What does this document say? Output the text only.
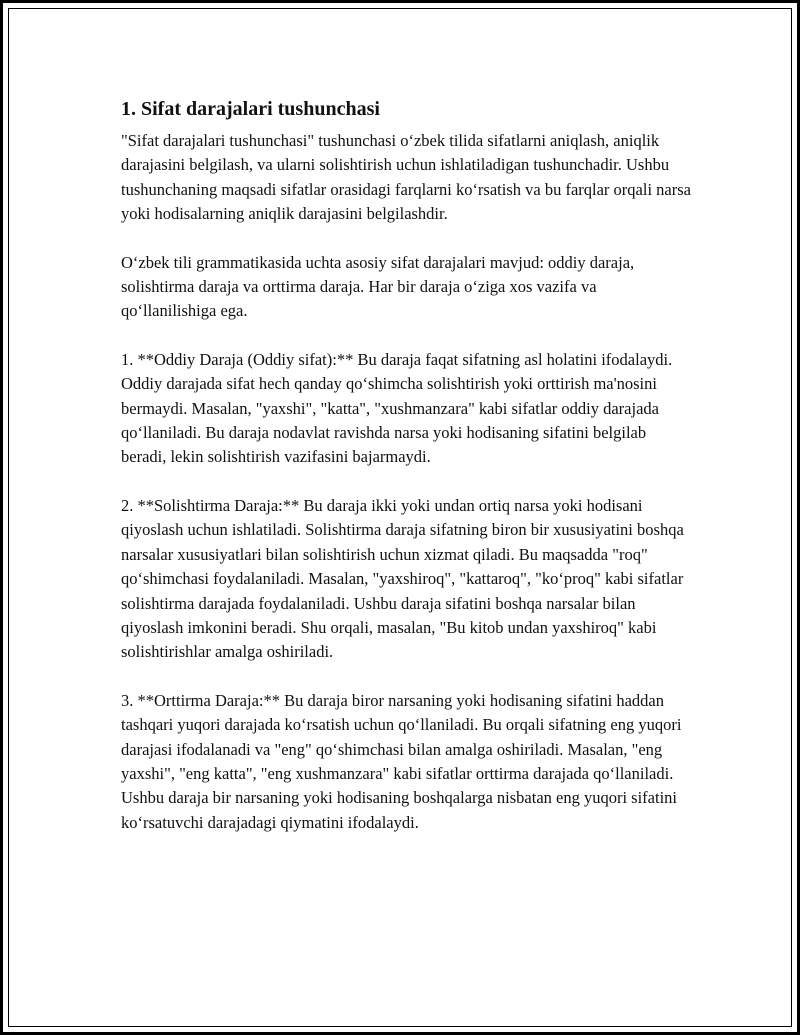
1. Sifat darajalari tushunchasi

"Sifat darajalari tushunchasi" tushunchasi o‘zbek tilida sifatlarni aniqlash, aniqlik darajasini belgilash, va ularni solishtirish uchun ishlatiladigan tushunchadir. Ushbu tushunchaning maqsadi sifatlar orasidagi farqlarni ko‘rsatish va bu farqlar orqali narsa yoki hodisalarning aniqlik darajasini belgilashdir.

O‘zbek tili grammatikasida uchta asosiy sifat darajalari mavjud: oddiy daraja, solishtirma daraja va orttirma daraja. Har bir daraja o‘ziga xos vazifa va qo‘llanilishiga ega.

1. **Oddiy Daraja (Oddiy sifat):** Bu daraja faqat sifatning asl holatini ifodalaydi. Oddiy darajada sifat hech qanday qo‘shimcha solishtirish yoki orttirish ma'nosini bermaydi. Masalan, "yaxshi", "katta", "xushmanzara" kabi sifatlar oddiy darajada qo‘llaniladi. Bu daraja nodavlat ravishda narsa yoki hodisaning sifatini belgilab beradi, lekin solishtirish vazifasini bajarmaydi.

2. **Solishtirma Daraja:** Bu daraja ikki yoki undan ortiq narsa yoki hodisani qiyoslash uchun ishlatiladi. Solishtirma daraja sifatning biron bir xususiyatini boshqa narsalar xususiyatlari bilan solishtirish uchun xizmat qiladi. Bu maqsadda "roq" qo‘shimchasi foydalaniladi. Masalan, "yaxshiroq", "kattaroq", "ko‘proq" kabi sifatlar solishtirma darajada foydalaniladi. Ushbu daraja sifatini boshqa narsalar bilan qiyoslash imkonini beradi. Shu orqali, masalan, "Bu kitob undan yaxshiroq" kabi solishtirishlar amalga oshiriladi.

3. **Orttirma Daraja:** Bu daraja biror narsaning yoki hodisaning sifatini haddan tashqari yuqori darajada ko‘rsatish uchun qo‘llaniladi. Bu orqali sifatning eng yuqori darajasi ifodalanadi va "eng" qo‘shimchasi bilan amalga oshiriladi. Masalan, "eng yaxshi", "eng katta", "eng xushmanzara" kabi sifatlar orttirma darajada qo‘llaniladi. Ushbu daraja bir narsaning yoki hodisaning boshqalarga nisbatan eng yuqori sifatini ko‘rsatuvchi darajadagi qiymatini ifodalaydi.
